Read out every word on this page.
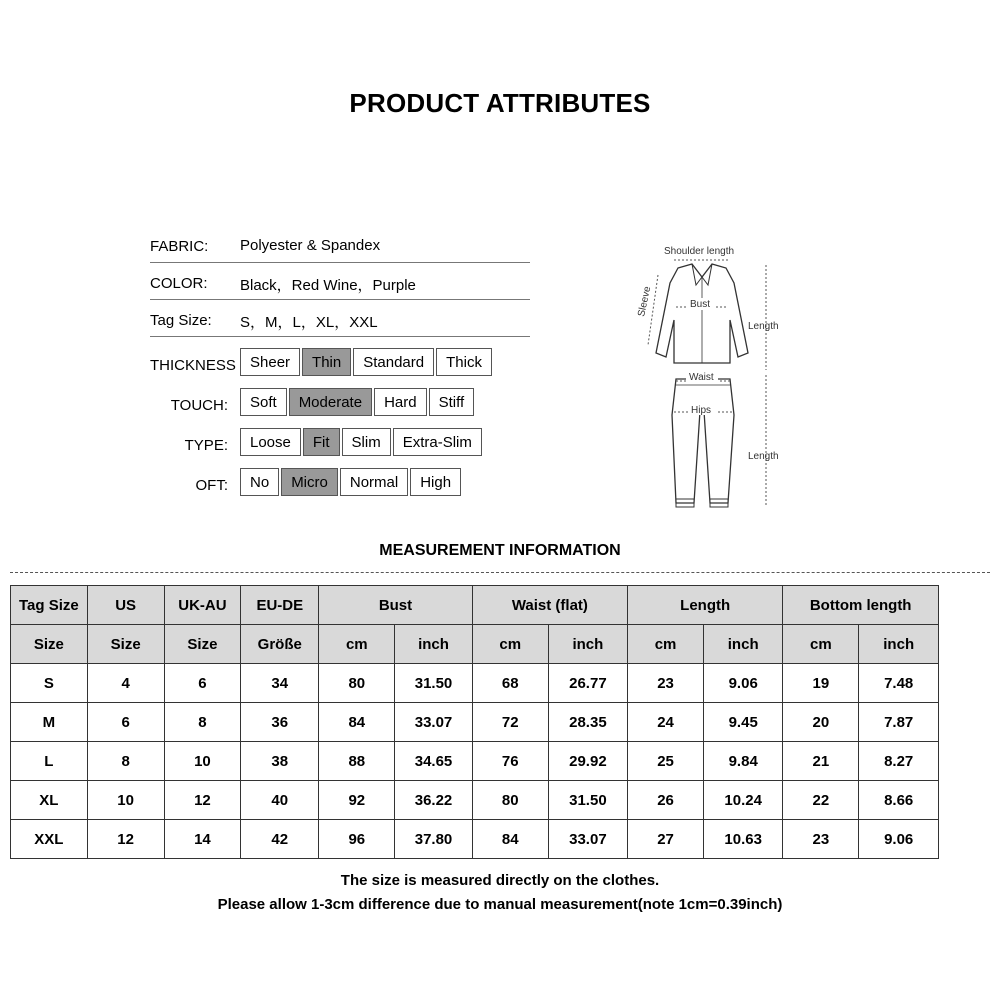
PRODUCT ATTRIBUTES
FABRIC: Polyester & Spandex
COLOR: Black，Red Wine，Purple
Tag Size: S，M，L，XL，XXL
THICKNESS Sheer	Thin	Standard	Thick
TOUCH:	Soft	Moderate	Hard	Stiff
TYPE:	Loose	Fit	Slim	Extra-Slim
OFT:	No	Micro	Normal	High
Shoulder length
Sleeve	Bust
Length
Waist
Hips
Length
MEASUREMENT INFORMATION
Tag Size	US	UK-AU	EU-DE	Bust		Waist (flat)		Length		Bottom length	
Size	Size	Size	Größe	cm	inch	cm	inch	cm	inch	cm	inch
S	4	6	34	80	31.50	68	26.77	23	9.06	19	7.48
M	6	8	36	84	33.07	72	28.35	24	9.45	20	7.87
L	8	10	38	88	34.65	76	29.92	25	9.84	21	8.27
XL	10	12	40	92	36.22	80	31.50	26	10.24	22	8.66
XXL	12	14	42	96	37.80	84	33.07	27	10.63	23	9.06
The size is measured directly on the clothes.
Please allow 1-3cm difference due to manual measurement(note 1cm=0.39inch)
